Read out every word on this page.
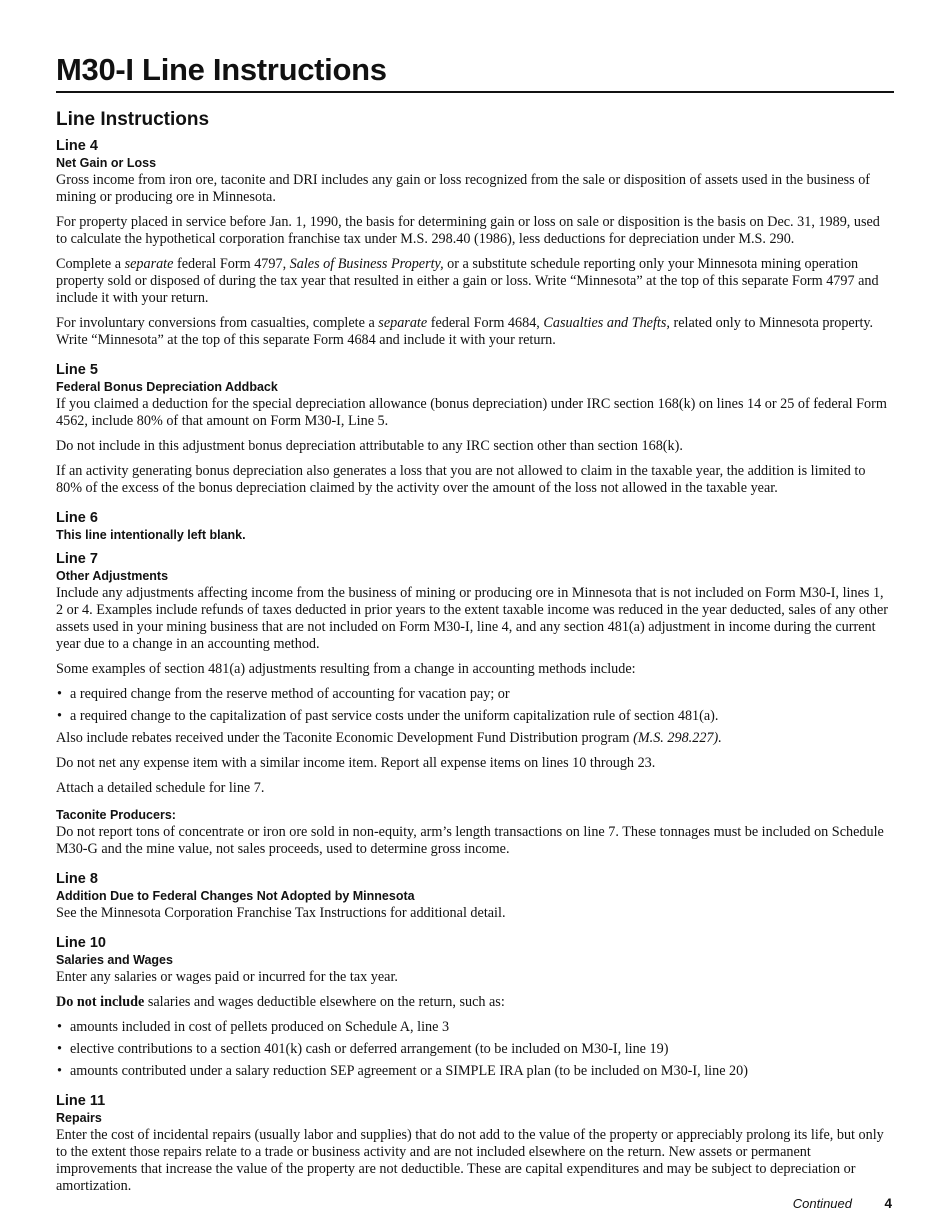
M30-I Line Instructions
Line Instructions
Line 4
Net Gain or Loss

Gross income from iron ore, taconite and DRI includes any gain or loss recognized from the sale or disposition of assets used in the business of mining or producing ore in Minnesota.

For property placed in service before Jan. 1, 1990, the basis for determining gain or loss on sale or disposition is the basis on Dec. 31, 1989, used to calculate the hypothetical corporation franchise tax under M.S. 298.40 (1986), less deductions for depreciation under M.S. 290.

Complete a separate federal Form 4797, Sales of Business Property, or a substitute schedule reporting only your Minnesota mining operation property sold or disposed of during the tax year that resulted in either a gain or loss. Write “Minnesota” at the top of this separate Form 4797 and include it with your return.

For involuntary conversions from casualties, complete a separate federal Form 4684, Casualties and Thefts, related only to Minnesota property. Write “Minnesota” at the top of this separate Form 4684 and include it with your return.

Line 5
Federal Bonus Depreciation Addback

If you claimed a deduction for the special depreciation allowance (bonus depreciation) under IRC section 168(k) on lines 14 or 25 of federal Form 4562, include 80% of that amount on Form M30-I, Line 5.

Do not include in this adjustment bonus depreciation attributable to any IRC section other than section 168(k).

If an activity generating bonus depreciation also generates a loss that you are not allowed to claim in the taxable year, the addition is limited to 80% of the excess of the bonus depreciation claimed by the activity over the amount of the loss not allowed in the taxable year.

Line 6
This line intentionally left blank.
Line 7
Other Adjustments

Include any adjustments affecting income from the business of mining or producing ore in Minnesota that is not included on Form M30-I, lines 1, 2 or 4. Examples include refunds of taxes deducted in prior years to the extent taxable income was reduced in the year deducted, sales of any other assets used in your mining business that are not included on Form M30-I, line 4, and any section 481(a) adjustment in income during the current year due to a change in an accounting method.

Some examples of section 481(a) adjustments resulting from a change in accounting methods include:

• a required change from the reserve method of accounting for vacation pay; or
• a required change to the capitalization of past service costs under the uniform capitalization rule of section 481(a).

Also include rebates received under the Taconite Economic Development Fund Distribution program (M.S. 298.227).

Do not net any expense item with a similar income item. Report all expense items on lines 10 through 23.

Attach a detailed schedule for line 7.

Taconite Producers:

Do not report tons of concentrate or iron ore sold in non-equity, arm’s length transactions on line 7. These tonnages must be included on Schedule M30-G and the mine value, not sales proceeds, used to determine gross income.

Line 8
Addition Due to Federal Changes Not Adopted by Minnesota

See the Minnesota Corporation Franchise Tax Instructions for additional detail.

Line 10
Salaries and Wages

Enter any salaries or wages paid or incurred for the tax year.

Do not include salaries and wages deductible elsewhere on the return, such as:

• amounts included in cost of pellets produced on Schedule A, line 3
• elective contributions to a section 401(k) cash or deferred arrangement (to be included on M30-I, line 19)
• amounts contributed under a salary reduction SEP agreement or a SIMPLE IRA plan (to be included on M30-I, line 20)
Line 11
Repairs

Enter the cost of incidental repairs (usually labor and supplies) that do not add to the value of the property or appreciably prolong its life, but only to the extent those repairs relate to a trade or business activity and are not included elsewhere on the return. New assets or permanent improvements that increase the value of the property are not deductible. These are capital expenditures and may be subject to depreciation or amortization.

Continued 4
